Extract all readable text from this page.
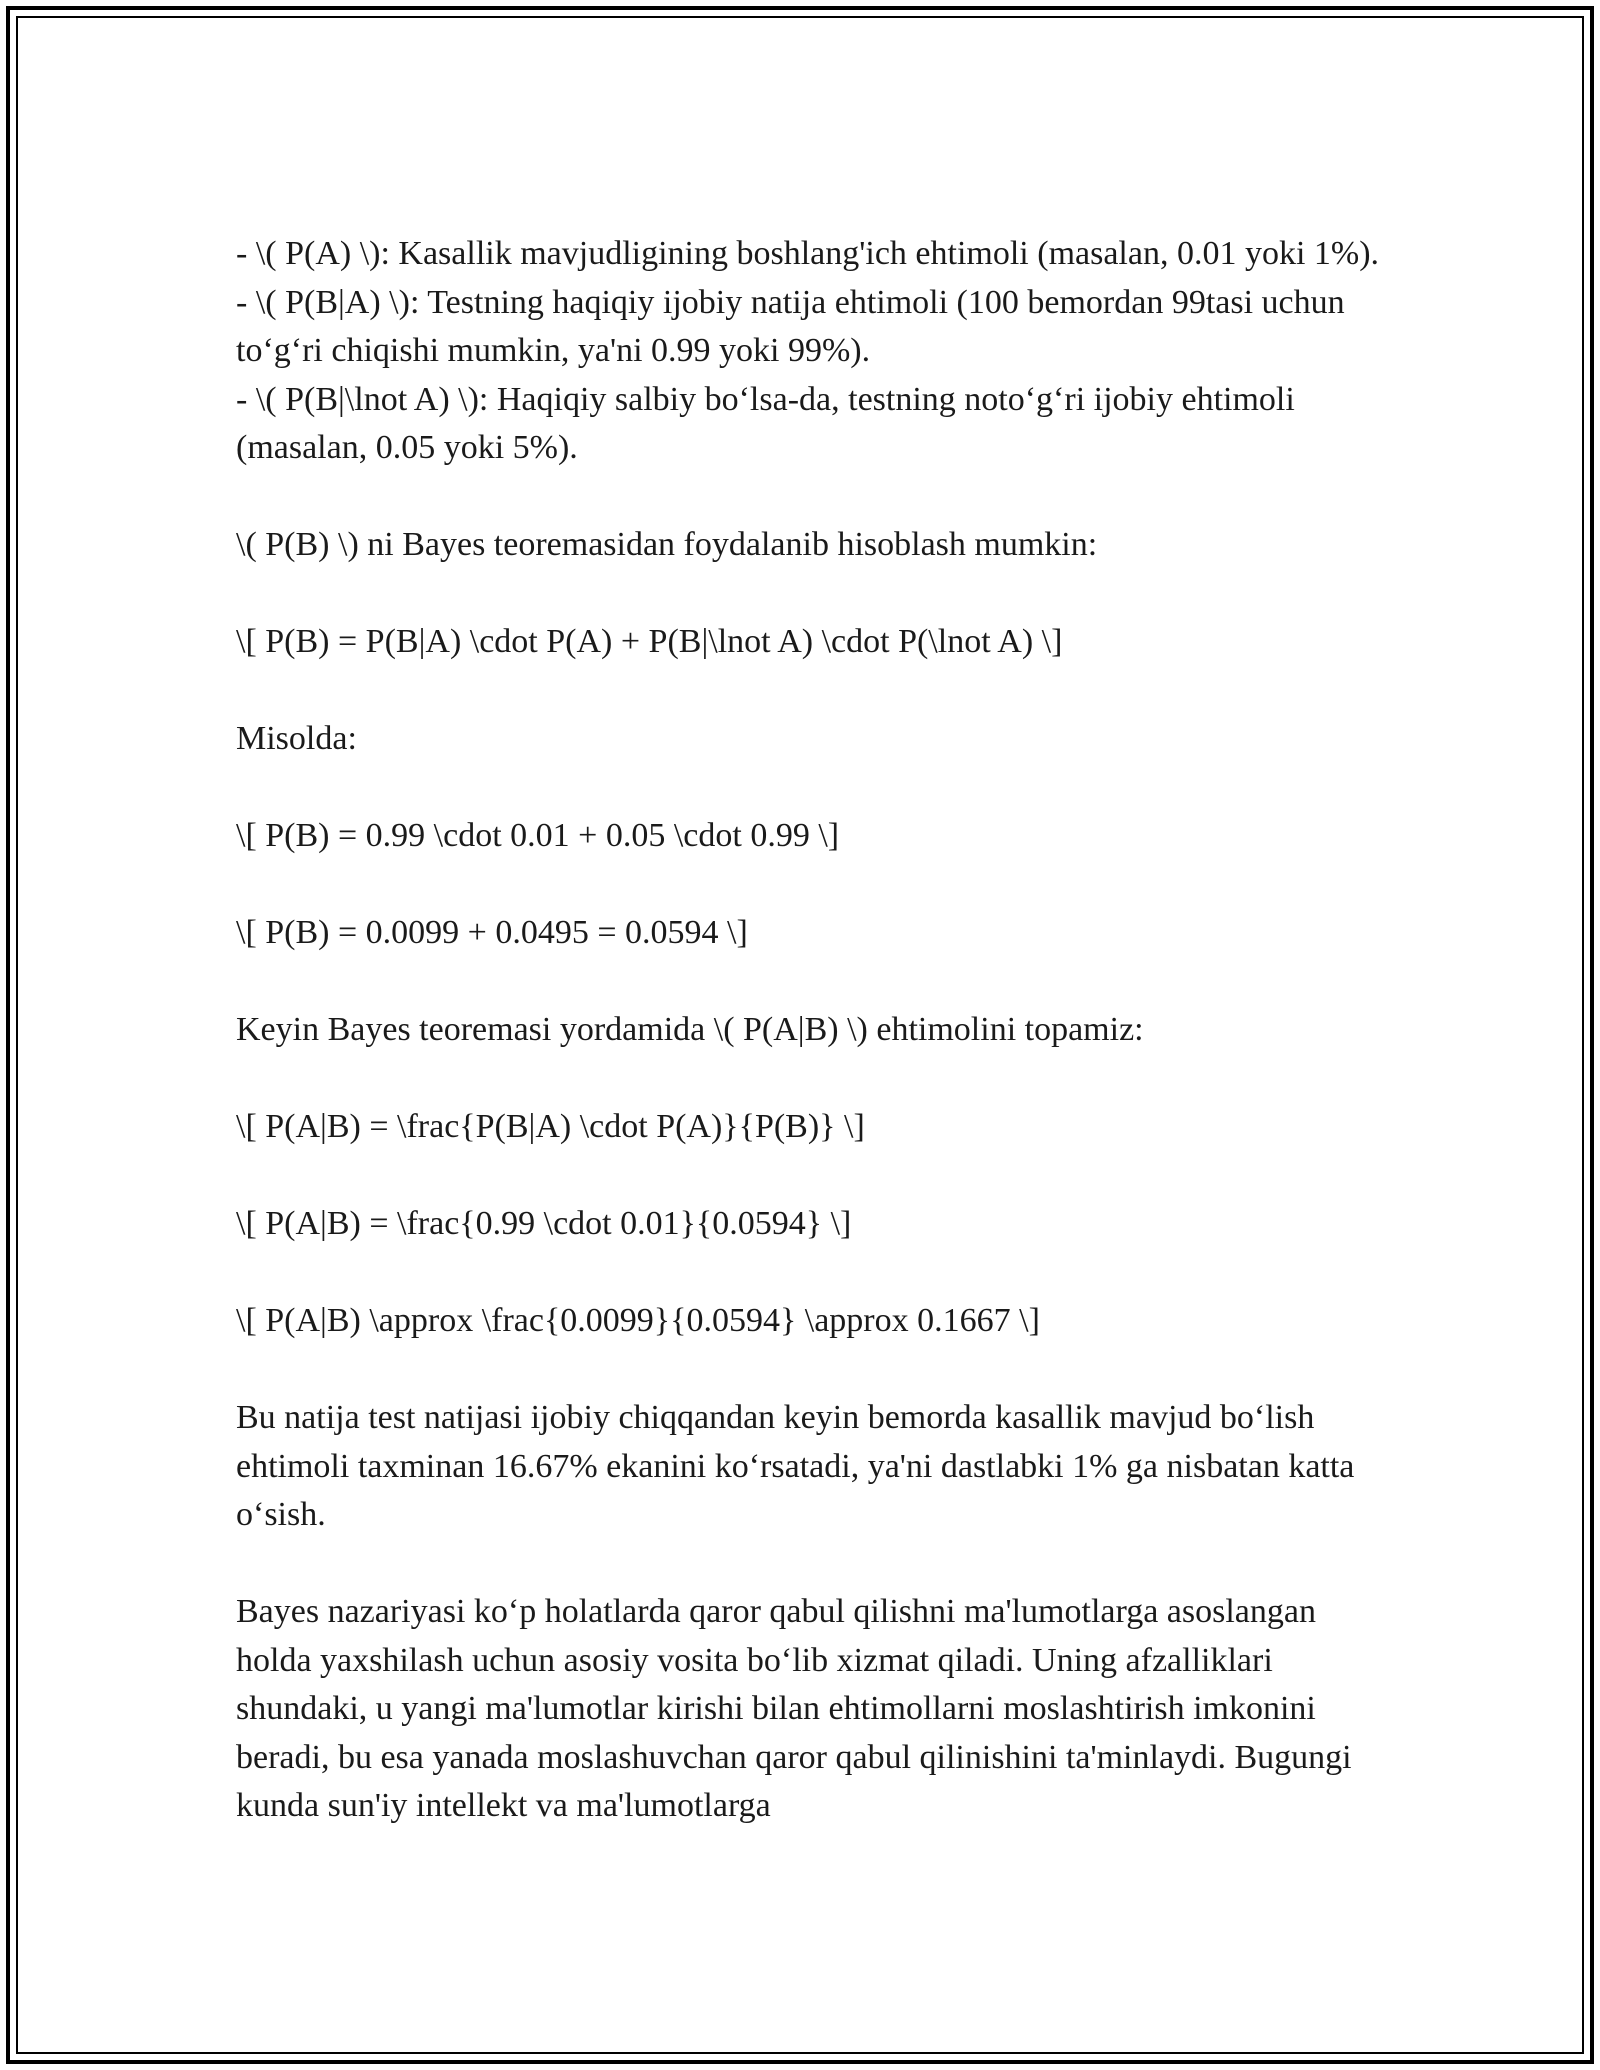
- \( P(A) \): Kasallik mavjudligining boshlang'ich ehtimoli (masalan, 0.01 yoki 1%).

- \( P(B|A) \): Testning haqiqiy ijobiy natija ehtimoli (100 bemordan 99tasi uchun to‘g‘ri chiqishi mumkin, ya'ni 0.99 yoki 99%).

- \( P(B|\lnot A) \): Haqiqiy salbiy bo‘lsa-da, testning noto‘g‘ri ijobiy ehtimoli (masalan, 0.05 yoki 5%).

\( P(B) \) ni Bayes teoremasidan foydalanib hisoblash mumkin:

\[ P(B) = P(B|A) \cdot P(A) + P(B|\lnot A) \cdot P(\lnot A) \]

Misolda:

\[ P(B) = 0.99 \cdot 0.01 + 0.05 \cdot 0.99 \]

\[ P(B) = 0.0099 + 0.0495 = 0.0594 \]

Keyin Bayes teoremasi yordamida \( P(A|B) \) ehtimolini topamiz:

\[ P(A|B) = \frac{P(B|A) \cdot P(A)}{P(B)} \]

\[ P(A|B) = \frac{0.99 \cdot 0.01}{0.0594} \]

\[ P(A|B) \approx \frac{0.0099}{0.0594} \approx 0.1667 \]

Bu natija test natijasi ijobiy chiqqandan keyin bemorda kasallik mavjud bo‘lish ehtimoli taxminan 16.67% ekanini ko‘rsatadi, ya'ni dastlabki 1% ga nisbatan katta o‘sish.

Bayes nazariyasi ko‘p holatlarda qaror qabul qilishni ma'lumotlarga asoslangan holda yaxshilash uchun asosiy vosita bo‘lib xizmat qiladi. Uning afzalliklari shundaki, u yangi ma'lumotlar kirishi bilan ehtimollarni moslashtirish imkonini beradi, bu esa yanada moslashuvchan qaror qabul qilinishini ta'minlaydi. Bugungi kunda sun'iy intellekt va ma'lumotlarga
